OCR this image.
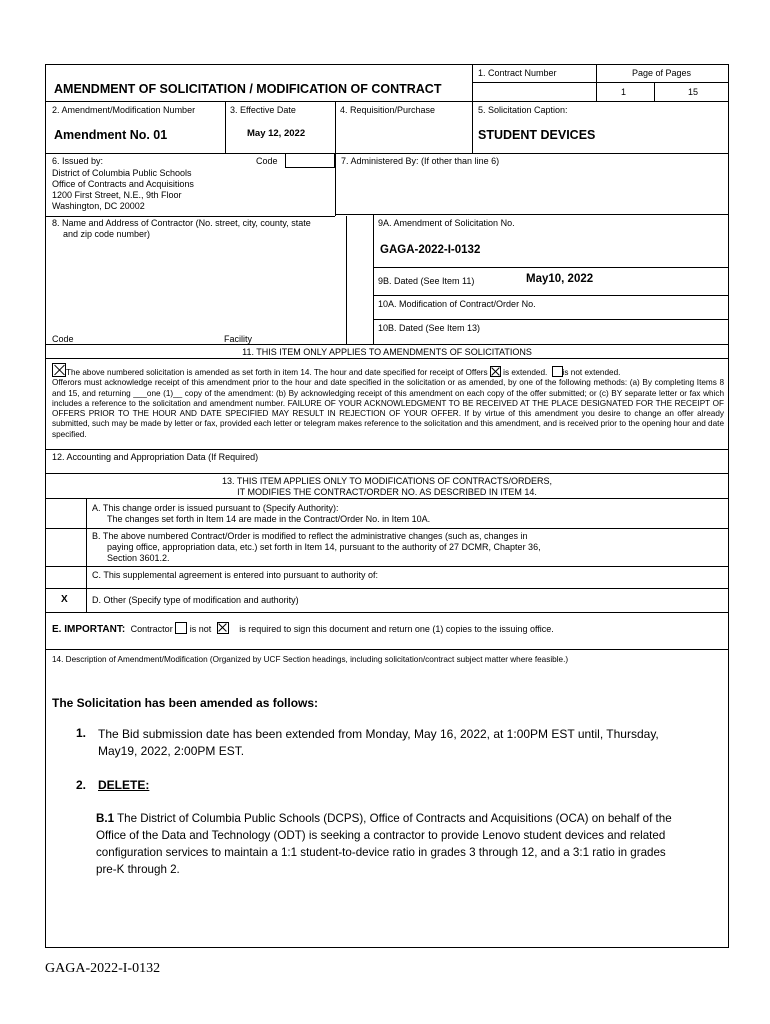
AMENDMENT OF SOLICITATION / MODIFICATION OF CONTRACT
1. Contract Number	Page of Pages
1	15
2. Amendment/Modification Number
Amendment No. 01
3. Effective Date
May 12, 2022
4. Requisition/Purchase	5. Solicitation Caption:
STUDENT DEVICES
6. Issued by:	Code
District of Columbia Public Schools
Office of Contracts and Acquisitions
1200 First Street, N.E., 9th Floor
Washington, DC 20002
7. Administered By: (If other than line 6)
8. Name and Address of Contractor (No. street, city, county, state
and zip code number)
9A. Amendment of Solicitation No.
GAGA-2022-I-0132
9B. Dated (See Item 11)	May10, 2022
10A. Modification of Contract/Order No.
10B. Dated (See Item 13)
Code	Facility
11. THIS ITEM ONLY APPLIES TO AMENDMENTS OF SOLICITATIONS
The above numbered solicitation is amended as set forth in item 14. The hour and date specified for receipt of Offers is extended. is not extended.
Offerors must acknowledge receipt of this amendment prior to the hour and date specified in the solicitation or as amended, by one of the following methods: (a) By completing Items 8 and 15, and returning ___one (1)__ copy of the amendment: (b) By acknowledging receipt of this amendment on each copy of the offer submitted; or (c) BY separate letter or fax which includes a reference to the solicitation and amendment number. FAILURE OF YOUR ACKNOWLEDGMENT TO BE RECEIVED AT THE PLACE DESIGNATED FOR THE RECEIPT OF OFFERS PRIOR TO THE HOUR AND DATE SPECIFIED MAY RESULT IN REJECTION OF YOUR OFFER. If by virtue of this amendment you desire to change an offer already submitted, such may be made by letter or fax, provided each letter or telegram makes reference to the solicitation and this amendment, and is received prior to the opening hour and date specified.
12. Accounting and Appropriation Data (If Required)
13. THIS ITEM APPLIES ONLY TO MODIFICATIONS OF CONTRACTS/ORDERS,
IT MODIFIES THE CONTRACT/ORDER NO. AS DESCRIBED IN ITEM 14.
A. This change order is issued pursuant to (Specify Authority):
The changes set forth in Item 14 are made in the Contract/Order No. in Item 10A.
B. The above numbered Contract/Order is modified to reflect the administrative changes (such as, changes in
paying office, appropriation data, etc.) set forth in Item 14, pursuant to the authority of 27 DCMR, Chapter 36,
Section 3601.2.
C. This supplemental agreement is entered into pursuant to authority of:
X	D. Other (Specify type of modification and authority)
E. IMPORTANT: Contractor is not	is required to sign this document and return one (1) copies to the issuing office.
14. Description of Amendment/Modification (Organized by UCF Section headings, including solicitation/contract subject matter where feasible.)
The Solicitation has been amended as follows:
1. The Bid submission date has been extended from Monday, May 16, 2022, at 1:00PM EST until, Thursday,
May19, 2022, 2:00PM EST.
2. DELETE:
B.1 The District of Columbia Public Schools (DCPS), Office of Contracts and Acquisitions (OCA) on behalf of the
Office of the Data and Technology (ODT) is seeking a contractor to provide Lenovo student devices and related
configuration services to maintain a 1:1 student-to-device ratio in grades 3 through 12, and a 3:1 ratio in grades
pre-K through 2.
GAGA-2022-I-0132
